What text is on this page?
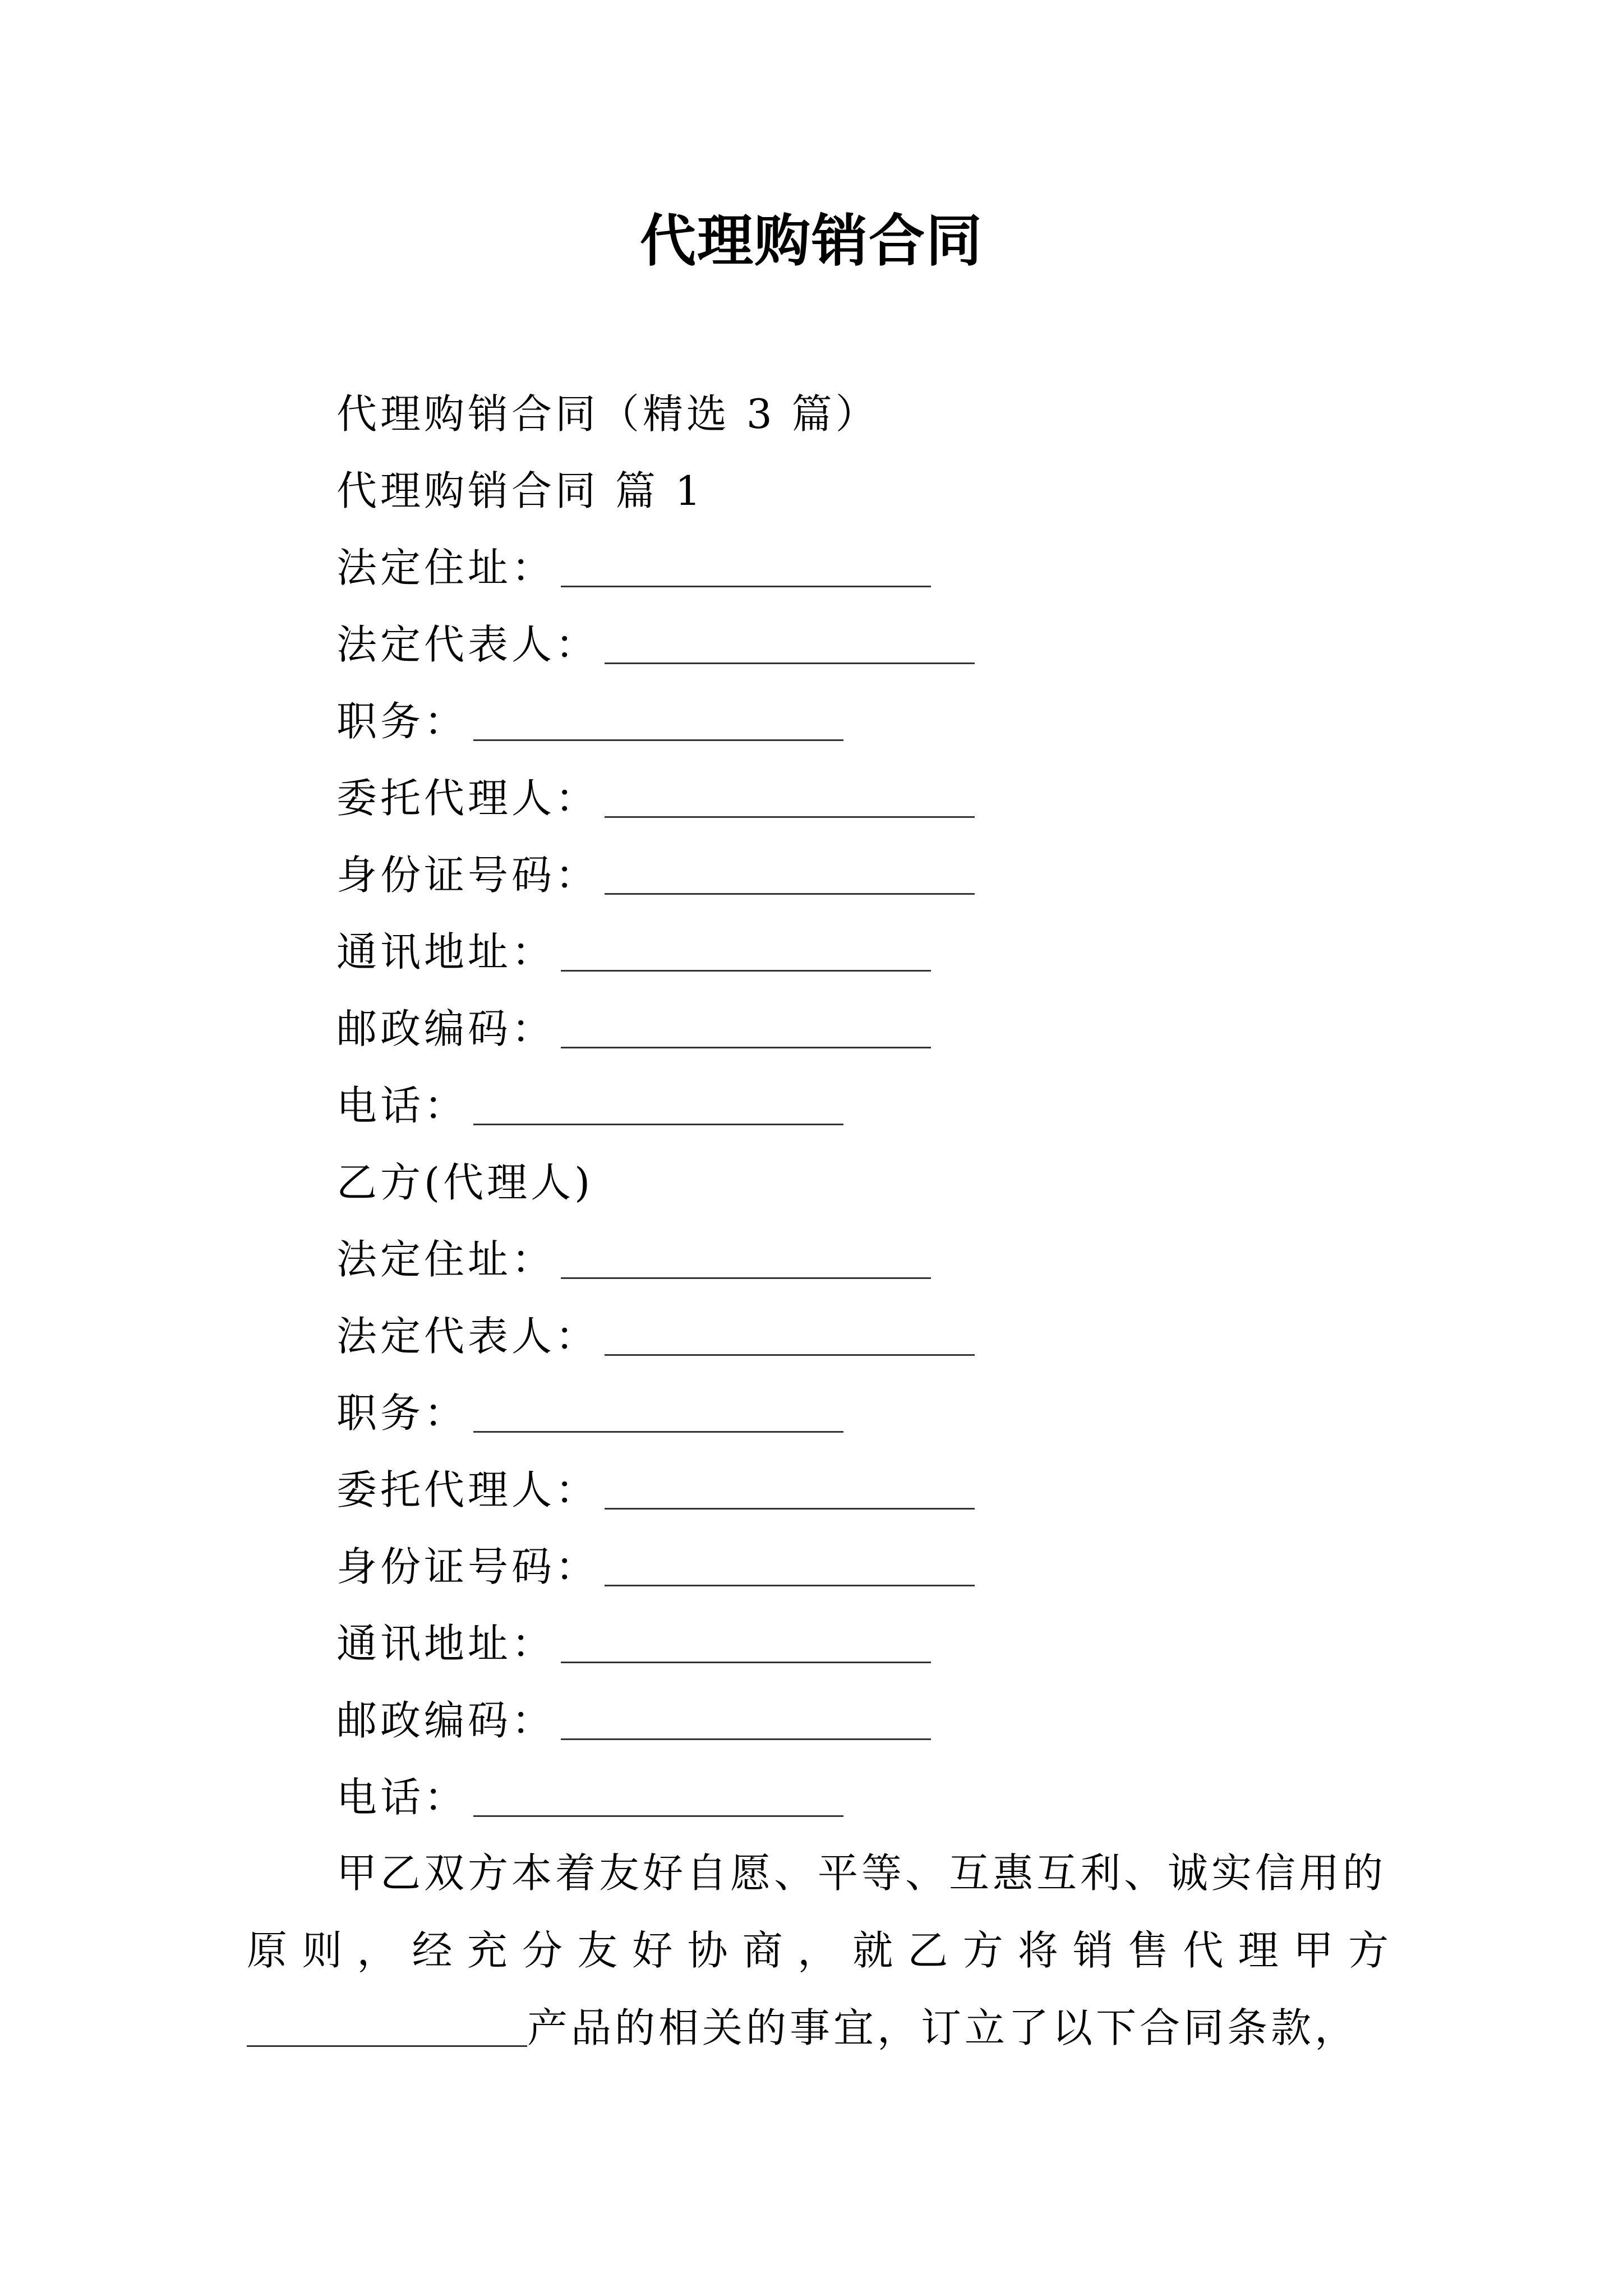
代理购销合同
代理购销合同（精选 3 篇）
代理购销合同 篇 1
法定住址：
法定代表人：
职务：
委托代理人：
身份证号码：
通讯地址：
邮政编码：
电话：
乙方(代理人)
法定住址：
法定代表人：
职务：
委托代理人：
身份证号码：
通讯地址：
邮政编码：
电话：
甲乙双方本着友好自愿、平等、互惠互利、诚实信用的
原则，经充分友好协商，就乙方将销售代理甲方
产品的相关的事宜，订立了以下合同条款，
